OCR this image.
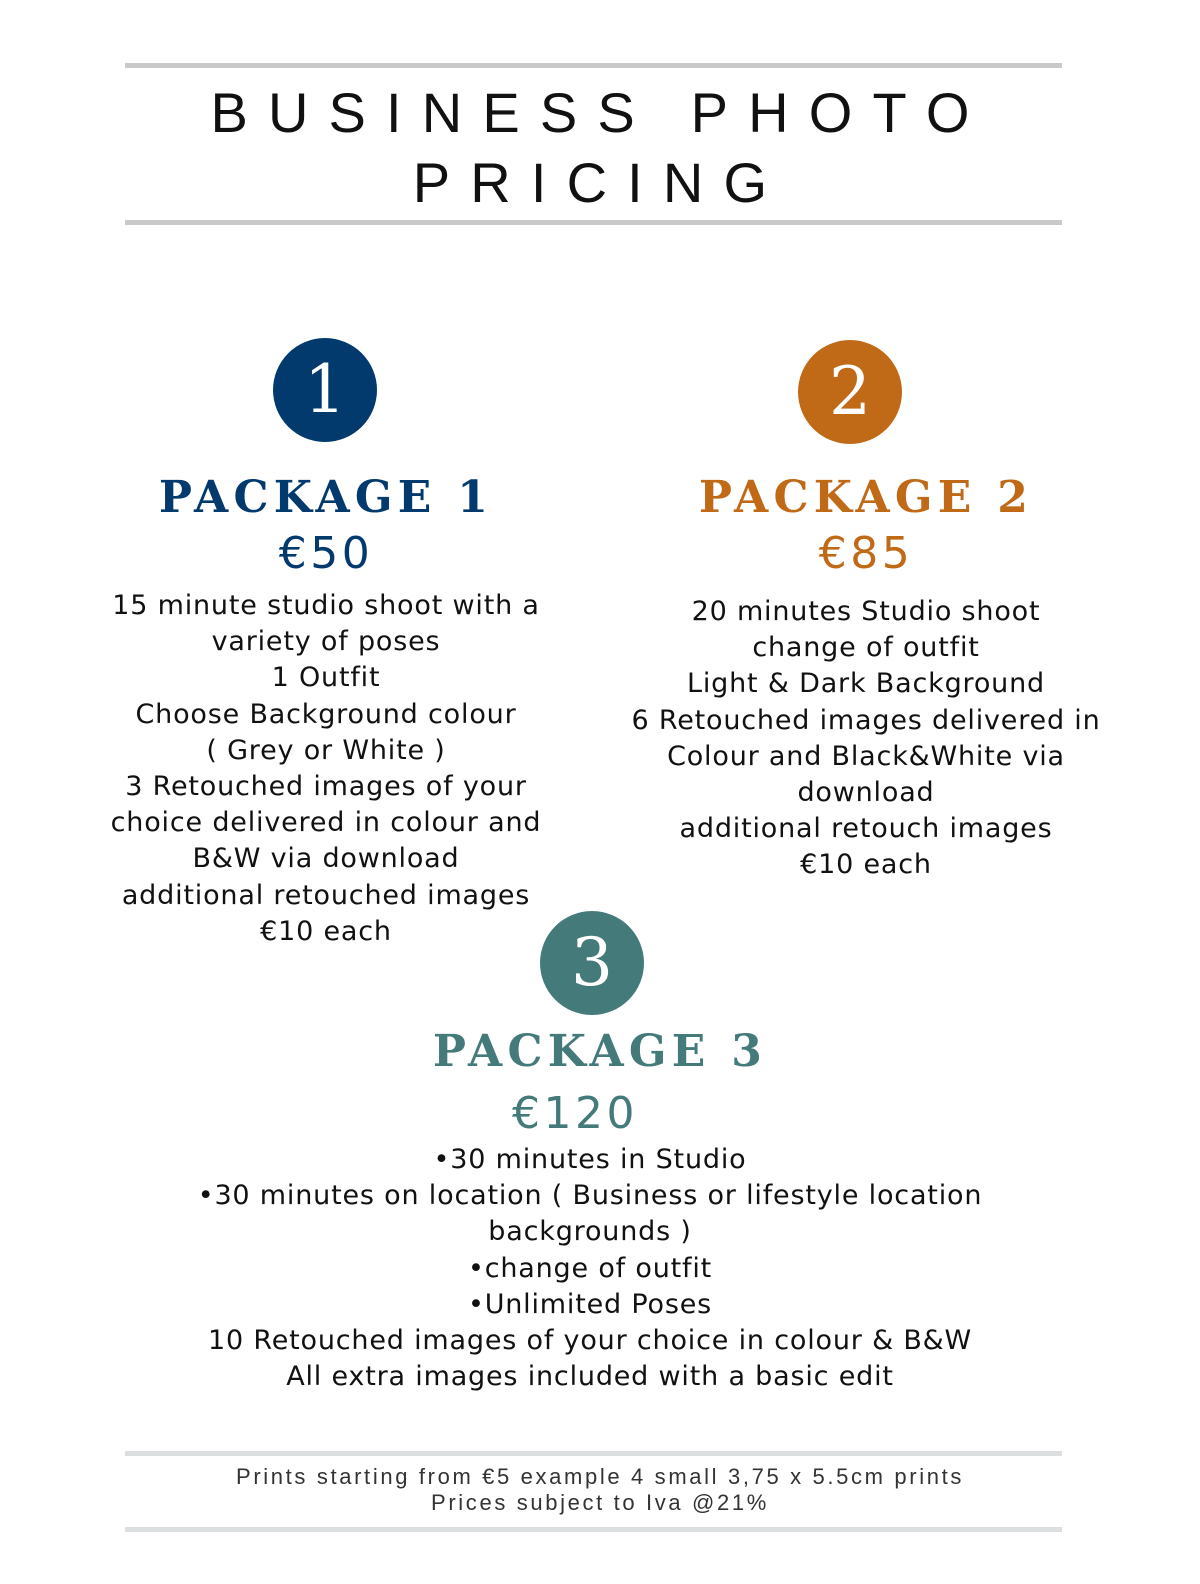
BUSINESS PHOTO
PRICING
1
PACKAGE 1
€50
15 minute studio shoot with a
variety of poses
1 Outfit
Choose Background colour
( Grey or White )
3 Retouched images of your
choice delivered in colour and
B&W via download
additional retouched images
€10 each
2
PACKAGE 2
€85
20 minutes Studio shoot
change of outfit
Light & Dark Background
6 Retouched images delivered in
Colour and Black&White via
download
additional retouch images
€10 each
3
PACKAGE 3
€120
•30 minutes in Studio
•30 minutes on location ( Business or lifestyle location
backgrounds )
•change of outfit
•Unlimited Poses
10 Retouched images of your choice in colour & B&W
All extra images included with a basic edit
Prints starting from €5 example 4 small 3,75 x 5.5cm prints
Prices subject to Iva @21%
